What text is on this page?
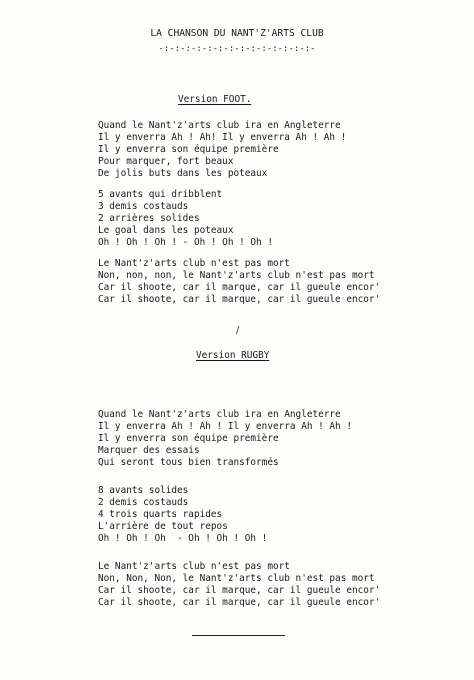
LA CHANSON DU NANT'Z'ARTS CLUB
-:-:-:-:-:-:-:-:-:-:-:-:-:-:-
Version FOOT.
Quand le Nant'z'arts club ira en Angleterre
Il y enverra Ah ! Ah! Il y enverra Ah ! Ah !
Il y enverra son équipe première
Pour marquer, fort beaux
De jolis buts dans les poteaux
5 avants qui dribblent
3 demis costauds
2 arrières solides
Le goal dans les poteaux
Oh ! Oh ! Oh ! - Oh ! Oh ! Oh !
Le Nant'z'arts club n'est pas mort
Non, non, non, le Nant'z'arts club n'est pas mort
Car il shoote, car il marque, car il gueule encor'
Car il shoote, car il marque, car il gueule encor'
/
Version RUGBY
Quand le Nant'z'arts club ira en Angleterre
Il y enverra Ah ! Ah ! Il y enverra Ah ! Ah !
Il y enverra son équipe première
Marquer des essais
Qui seront tous bien transformés
8 avants solides
2 demis costauds
4 trois quarts rapides
L'arrière de tout repos
Oh ! Oh ! Oh  - Oh ! Oh ! Oh !
Le Nant'z'arts club n'est pas mort
Non, Non, Non, le Nant'z'arts club n'est pas mort
Car il shoote, car il marque, car il gueule encor'
Car il shoote, car il marque, car il gueule encor'
